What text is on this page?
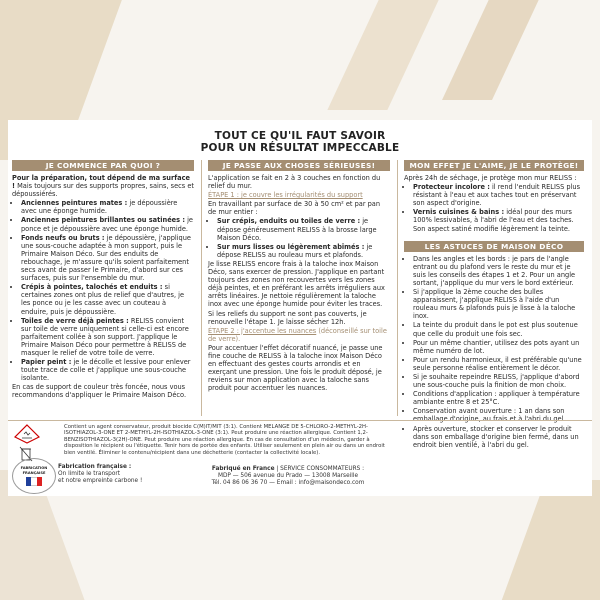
TOUT CE QU'IL FAUT SAVOIR
POUR UN RÉSULTAT IMPECCABLE
JE COMMENCE PAR QUOI ?

Pour la préparation, tout dépend de ma surface ! Mais toujours sur des supports propres, sains, secs et dépoussiérés.

• Anciennes peintures mates : je dépoussière avec une éponge humide.
• Anciennes peintures brillantes ou satinées : je ponce et je dépoussière avec une éponge humide.
• Fonds neufs ou bruts : je dépoussière, j'applique une sous-couche adaptée à mon support, puis le Primaire Maison Déco. Sur des enduits de rebouchage, je m'assure qu'ils soient parfaitement secs avant de passer le Primaire, d'abord sur ces surfaces, puis sur l'ensemble du mur.
• Crépis à pointes, talochés et enduits : si certaines zones ont plus de relief que d'autres, je les ponce ou je les casse avec un couteau à enduire, puis je dépoussière.
• Toiles de verre déjà peintes : RELISS convient sur toile de verre uniquement si celle-ci est encore parfaitement collée à son support. J'applique le Primaire Maison Déco pour permettre à RELISS de masquer le relief de votre toile de verre.
• Papier peint : je le décolle et lessive pour enlever toute trace de colle et j'applique une sous-couche isolante.

En cas de support de couleur très foncée, nous vous recommandons d'appliquer le Primaire Maison Déco.

JE PASSE AUX CHOSES SÉRIEUSES!

L'application se fait en 2 à 3 couches en fonction du relief du mur.

ÉTAPE 1 : je couvre les irrégularités du support

En travaillant par surface de 30 à 50 cm² et par pan de mur entier :

• Sur crépis, enduits ou toiles de verre : je dépose généreusement RELISS à la brosse large Maison Déco.
• Sur murs lisses ou légèrement abîmés : je dépose RELISS au rouleau murs et plafonds.

Je lisse RELISS encore frais à la taloche inox Maison Déco, sans exercer de pression. J'applique en partant toujours des zones non recouvertes vers les zones déjà peintes, et en préférant les arrêts irréguliers aux arrêts linéaires. Je nettoie régulièrement la taloche inox avec une éponge humide pour éviter les traces.

Si les reliefs du support ne sont pas couverts, je renouvelle l'étape 1. Je laisse sécher 12h.

ÉTAPE 2 : j'accentue les nuances (déconseillé sur toile de verre).

Pour accentuer l'effet décoratif nuancé, je passe une fine couche de RELISS à la taloche inox Maison Déco en effectuant des gestes courts arrondis et en exerçant une pression. Une fois le produit déposé, je reviens sur mon application avec la taloche sans produit pour accentuer les nuances.

MON EFFET JE L'AIME, JE LE PROTÈGE!

Après 24h de séchage, je protège mon mur RELISS :

• Protecteur incolore : il rend l'enduit RELISS plus résistant à l'eau et aux taches tout en préservant son aspect d'origine.
• Vernis cuisines & bains : idéal pour des murs 100% lessivables, à l'abri de l'eau et des taches. Son aspect satiné modifie légèrement la teinte.
LES ASTUCES DE MAISON DÉCO
• Dans les angles et les bords : je pars de l'angle entrant ou du plafond vers le reste du mur et je suis les conseils des étapes 1 et 2. Pour un angle sortant, j'applique du mur vers le bord extérieur.
• Si j'applique la 2ème couche des bulles apparaissent, j'applique RELISS à l'aide d'un rouleau murs & plafonds puis je lisse à la taloche inox.
• La teinte du produit dans le pot est plus soutenue que celle du produit une fois sec.
• Pour un même chantier, utilisez des pots ayant un même numéro de lot.
• Pour un rendu harmonieux, il est préférable qu'une seule personne réalise entièrement le décor.
• Si je souhaite repeindre RELISS, j'applique d'abord une sous-couche puis la finition de mon choix.
• Conditions d'application : appliquer à température ambiante entre 8 et 25°C.
• Conservation avant ouverture : 1 an dans son
• Après ouverture, stocker et conserver le produit dans son emballage d'origine bien fermé, dans un endroit bien ventilé, à l'abri du gel.
Contient un agent conservateur, produit biocide C(M)IT/MIT (3:1). Contient MELANGE DE 5-CHLORO-2-METHYL-2H-ISOTHIAZOL-3-ONE ET 2-METHYL-2H-ISOTHIAZOL-3-ONE (3:1). Peut produire une réaction allergique. Contient 1,2-BENZISOTHIAZOL-3(2H)-ONE. Peut produire une réaction allergique. En cas de consultation d'un médecin, garder à disposition le récipient ou l'étiquette. Tenir hors de portée des enfants. Utiliser seulement en plein air ou dans un endroit bien ventilé. Éliminer le contenu/récipient dans une déchetterie (contacter la collectivité locale).
FABRICATION FRANÇAISE
Fabrication française :
On limite le transport
et notre empreinte carbone !
Fabriqué en France | SERVICE CONSOMMATEURS :
MDP — 506 avenue du Prado — 13008 Marseille
Tél. 04 86 06 36 70 — Email : info@maisondeco.com
